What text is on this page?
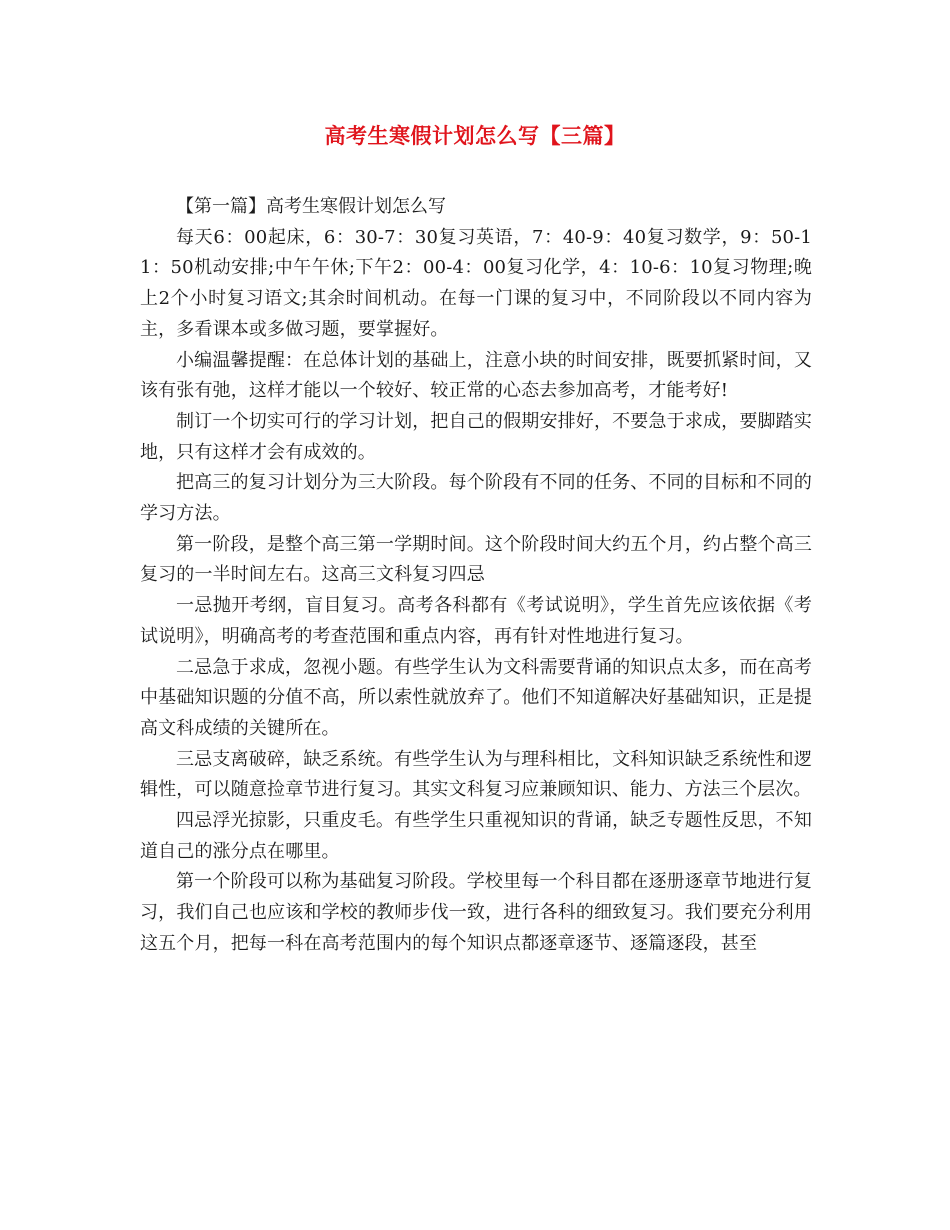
高考生寒假计划怎么写【三篇】

【第一篇】高考生寒假计划怎么写

每天6：00起床，6：30-7：30复习英语，7：40-9：40复习数学，9：50-11：50机动安排;中午午休;下午2：00-4：00复习化学，4：10-6：10复习物理;晚上2个小时复习语文;其余时间机动。在每一门课的复习中，不同阶段以不同内容为主，多看课本或多做习题，要掌握好。

小编温馨提醒：在总体计划的基础上，注意小块的时间安排，既要抓紧时间，又该有张有弛，这样才能以一个较好、较正常的心态去参加高考，才能考好!

制订一个切实可行的学习计划，把自己的假期安排好，不要急于求成，要脚踏实地，只有这样才会有成效的。

把高三的复习计划分为三大阶段。每个阶段有不同的任务、不同的目标和不同的学习方法。

第一阶段，是整个高三第一学期时间。这个阶段时间大约五个月，约占整个高三复习的一半时间左右。这高三文科复习四忌

一忌抛开考纲，盲目复习。高考各科都有《考试说明》，学生首先应该依据《考试说明》，明确高考的考查范围和重点内容，再有针对性地进行复习。

二忌急于求成，忽视小题。有些学生认为文科需要背诵的知识点太多，而在高考中基础知识题的分值不高，所以索性就放弃了。他们不知道解决好基础知识，正是提高文科成绩的关键所在。

三忌支离破碎，缺乏系统。有些学生认为与理科相比，文科知识缺乏系统性和逻辑性，可以随意捡章节进行复习。其实文科复习应兼顾知识、能力、方法三个层次。

四忌浮光掠影，只重皮毛。有些学生只重视知识的背诵，缺乏专题性反思，不知道自己的涨分点在哪里。

第一个阶段可以称为基础复习阶段。学校里每一个科目都在逐册逐章节地进行复习，我们自己也应该和学校的教师步伐一致，进行各科的细致复习。我们要充分利用这五个月，把每一科在高考范围内的每个知识点都逐章逐节、逐篇逐段，甚至
